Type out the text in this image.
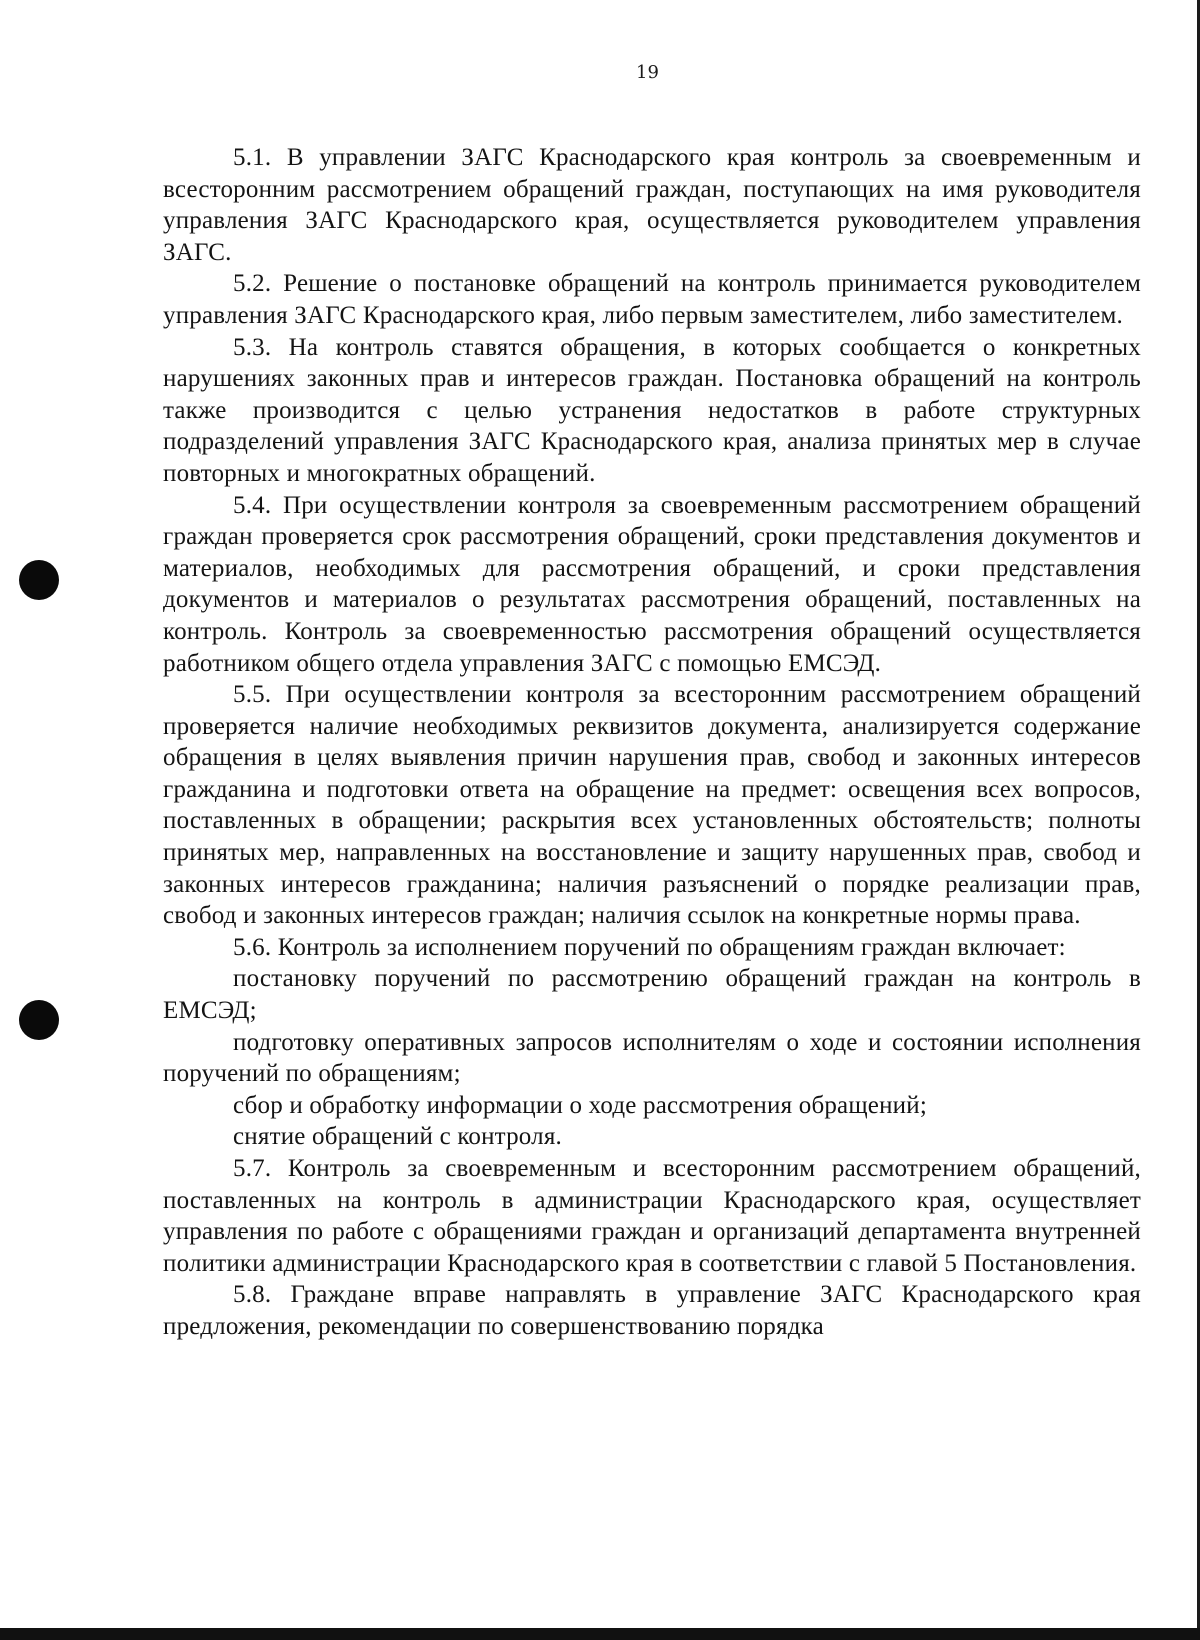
19

5.1. В управлении ЗАГС Краснодарского края контроль за своевременным и всесторонним рассмотрением обращений граждан, поступающих на имя руководителя управления ЗАГС Краснодарского края, осуществляется руководителем управления ЗАГС.

5.2. Решение о постановке обращений на контроль принимается руководителем управления ЗАГС Краснодарского края, либо первым заместителем, либо заместителем.

5.3. На контроль ставятся обращения, в которых сообщается о конкретных нарушениях законных прав и интересов граждан. Постановка обращений на контроль также производится с целью устранения недостатков в работе структурных подразделений управления ЗАГС Краснодарского края, анализа принятых мер в случае повторных и многократных обращений.

5.4. При осуществлении контроля за своевременным рассмотрением обращений граждан проверяется срок рассмотрения обращений, сроки представления документов и материалов, необходимых для рассмотрения обращений, и сроки представления документов и материалов о результатах рассмотрения обращений, поставленных на контроль. Контроль за своевременностью рассмотрения обращений осуществляется работником общего отдела управления ЗАГС с помощью ЕМСЭД.

5.5. При осуществлении контроля за всесторонним рассмотрением обращений проверяется наличие необходимых реквизитов документа, анализируется содержание обращения в целях выявления причин нарушения прав, свобод и законных интересов гражданина и подготовки ответа на обращение на предмет: освещения всех вопросов, поставленных в обращении; раскрытия всех установленных обстоятельств; полноты принятых мер, направленных на восстановление и защиту нарушенных прав, свобод и законных интересов гражданина; наличия разъяснений о порядке реализации прав, свобод и законных интересов граждан; наличия ссылок на конкретные нормы права.

5.6. Контроль за исполнением поручений по обращениям граждан включает:

постановку поручений по рассмотрению обращений граждан на контроль в ЕМСЭД;

подготовку оперативных запросов исполнителям о ходе и состоянии исполнения поручений по обращениям;

сбор и обработку информации о ходе рассмотрения обращений;

снятие обращений с контроля.

5.7. Контроль за своевременным и всесторонним рассмотрением обращений, поставленных на контроль в администрации Краснодарского края, осуществляет управления по работе с обращениями граждан и организаций департамента внутренней политики администрации Краснодарского края в соответствии с главой 5 Постановления.

5.8. Граждане вправе направлять в управление ЗАГС Краснодарского края предложения, рекомендации по совершенствованию порядка
